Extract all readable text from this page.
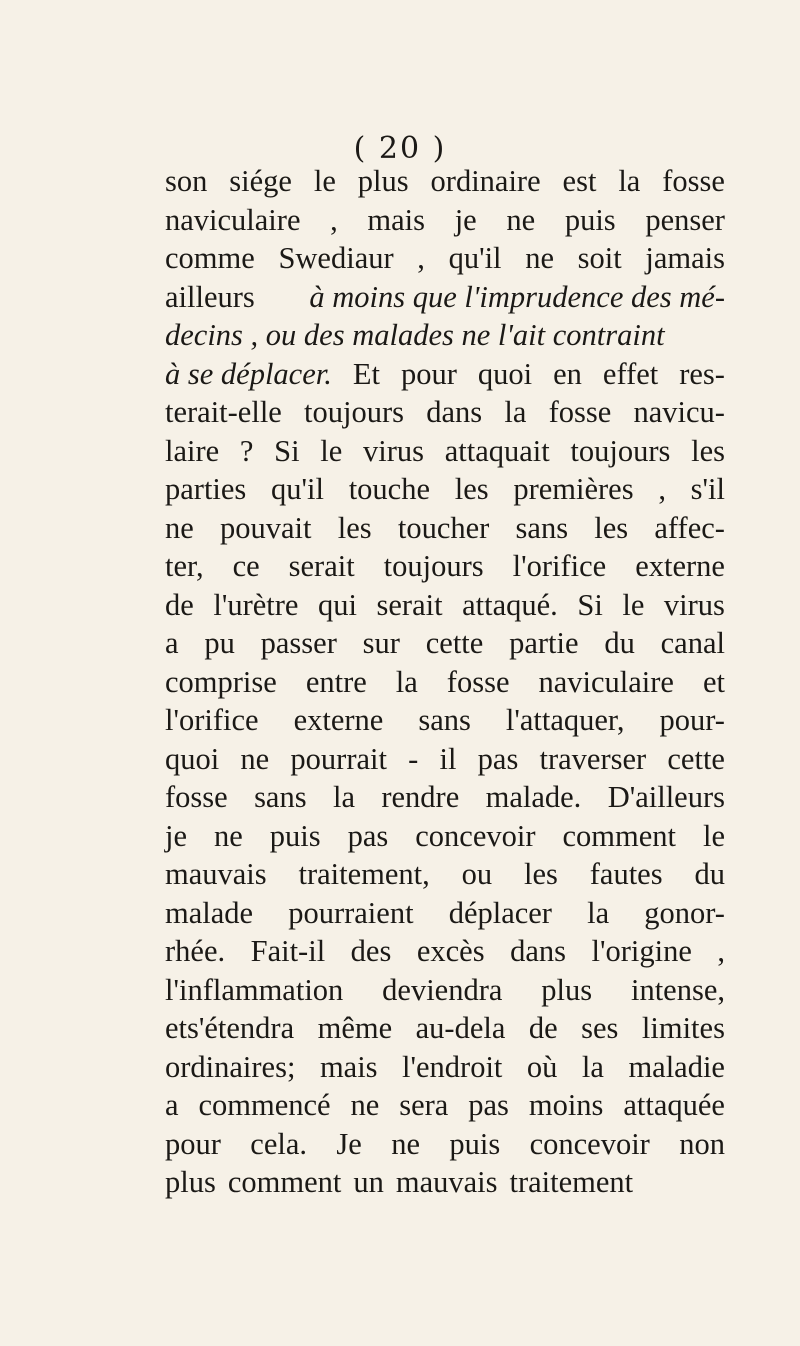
( 20 )
son siége le plus ordinaire est la fosse
naviculaire , mais je ne puis penser
comme Swediaur , qu'il ne soit jamais
ailleurs à moins que l'imprudence des mé-
decins , ou des malades ne l'ait contraint
à se déplacer. Et pour quoi en effet res-
terait-elle toujours dans la fosse navicu-
laire ? Si le virus attaquait toujours les
parties qu'il touche les premières , s'il
ne pouvait les toucher sans les affec-
ter, ce serait toujours l'orifice externe
de l'urètre qui serait attaqué. Si le virus
a pu passer sur cette partie du canal
comprise entre la fosse naviculaire et
l'orifice externe sans l'attaquer, pour-
quoi ne pourrait - il pas traverser cette
fosse sans la rendre malade. D'ailleurs
je ne puis pas concevoir comment le
mauvais traitement, ou les fautes du
malade pourraient déplacer la gonor-
rhée. Fait-il des excès dans l'origine ,
l'inflammation deviendra plus intense,
ets'étendra même au-dela de ses limites
ordinaires; mais l'endroit où la maladie
a commencé ne sera pas moins attaquée
pour cela. Je ne puis concevoir non
plus comment un mauvais traitement
